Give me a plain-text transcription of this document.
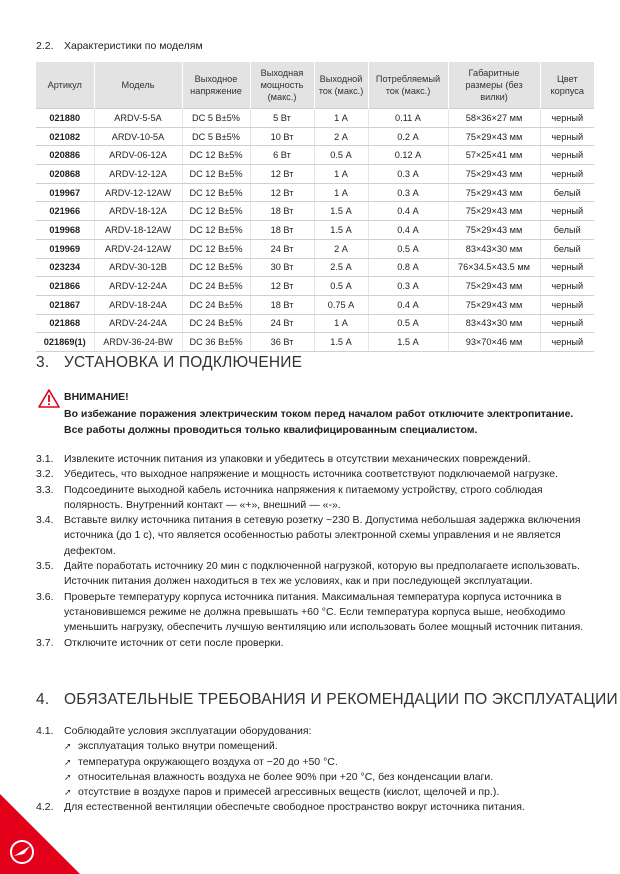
2.2. Характеристики по моделям
Артикул	Модель	Выходное напряжение	Выходная мощность (макс.)	Выходной ток (макс.)	Потребляемый ток (макс.)	Габаритные размеры (без вилки)	Цвет корпуса
021880	ARDV-5-5A	DC 5 В±5%	5 Вт	1 А	0.11 А	58×36×27 мм	черный
021082	ARDV-10-5A	DC 5 В±5%	10 Вт	2 А	0.2 А	75×29×43 мм	черный
020886	ARDV-06-12A	DC 12 В±5%	6 Вт	0.5 А	0.12 А	57×25×41 мм	черный
020868	ARDV-12-12A	DC 12 В±5%	12 Вт	1 А	0.3 А	75×29×43 мм	черный
019967	ARDV-12-12AW	DC 12 В±5%	12 Вт	1 А	0.3 А	75×29×43 мм	белый
021966	ARDV-18-12A	DC 12 В±5%	18 Вт	1.5 А	0.4 А	75×29×43 мм	черный
019968	ARDV-18-12AW	DC 12 В±5%	18 Вт	1.5 А	0.4 А	75×29×43 мм	белый
019969	ARDV-24-12AW	DC 12 В±5%	24 Вт	2 А	0.5 А	83×43×30 мм	белый
023234	ARDV-30-12B	DC 12 В±5%	30 Вт	2.5 А	0.8 А	76×34.5×43.5 мм	черный
021866	ARDV-12-24A	DC 24 В±5%	12 Вт	0.5 А	0.3 А	75×29×43 мм	черный
021867	ARDV-18-24A	DC 24 В±5%	18 Вт	0.75 А	0.4 А	75×29×43 мм	черный
021868	ARDV-24-24A	DC 24 В±5%	24 Вт	1 А	0.5 А	83×43×30 мм	черный
021869(1)	ARDV-36-24-BW	DC 36 В±5%	36 Вт	1.5 А	1.5 А	93×70×46 мм	черный
3. УСТАНОВКА И ПОДКЛЮЧЕНИЕ
ВНИМАНИЕ!
Во избежание поражения электрическим током перед началом работ отключите электропитание.
Все работы должны проводиться только квалифицированным специалистом.
3.1. Извлеките источник питания из упаковки и убедитесь в отсутствии механических повреждений.
3.2. Убедитесь, что выходное напряжение и мощность источника соответствуют подключаемой нагрузке.
3.3. Подсоедините выходной кабель источника напряжения к питаемому устройству, строго соблюдая полярность. Внутренний контакт — «+», внешний — «-».
3.4. Вставьте вилку источника питания в сетевую розетку ~230 В. Допустима небольшая задержка включения источника (до 1 с), что является особенностью работы электронной схемы управления и не является дефектом.
3.5. Дайте поработать источнику 20 мин с подключенной нагрузкой, которую вы предполагаете использовать. Источник питания должен находиться в тех же условиях, как и при последующей эксплуатации.
3.6. Проверьте температуру корпуса источника питания. Максимальная температура корпуса источника в установившемся режиме не должна превышать +60 °С. Если температура корпуса выше, необходимо уменьшить нагрузку, обеспечить лучшую вентиляцию или использовать более мощный источник питания.
3.7. Отключите источник от сети после проверки.
4. ОБЯЗАТЕЛЬНЫЕ ТРЕБОВАНИЯ И РЕКОМЕНДАЦИИ ПО ЭКСПЛУАТАЦИИ
4.1. Соблюдайте условия эксплуатации оборудования:
➚ эксплуатация только внутри помещений.
➚ температура окружающего воздуха от −20 до +50 °С.
➚ относительная влажность воздуха не более 90% при +20 °С, без конденсации влаги.
➚ отсутствие в воздухе паров и примесей агрессивных веществ (кислот, щелочей и пр.).
4.2. Для естественной вентиляции обеспечьте свободное пространство вокруг источника питания.
